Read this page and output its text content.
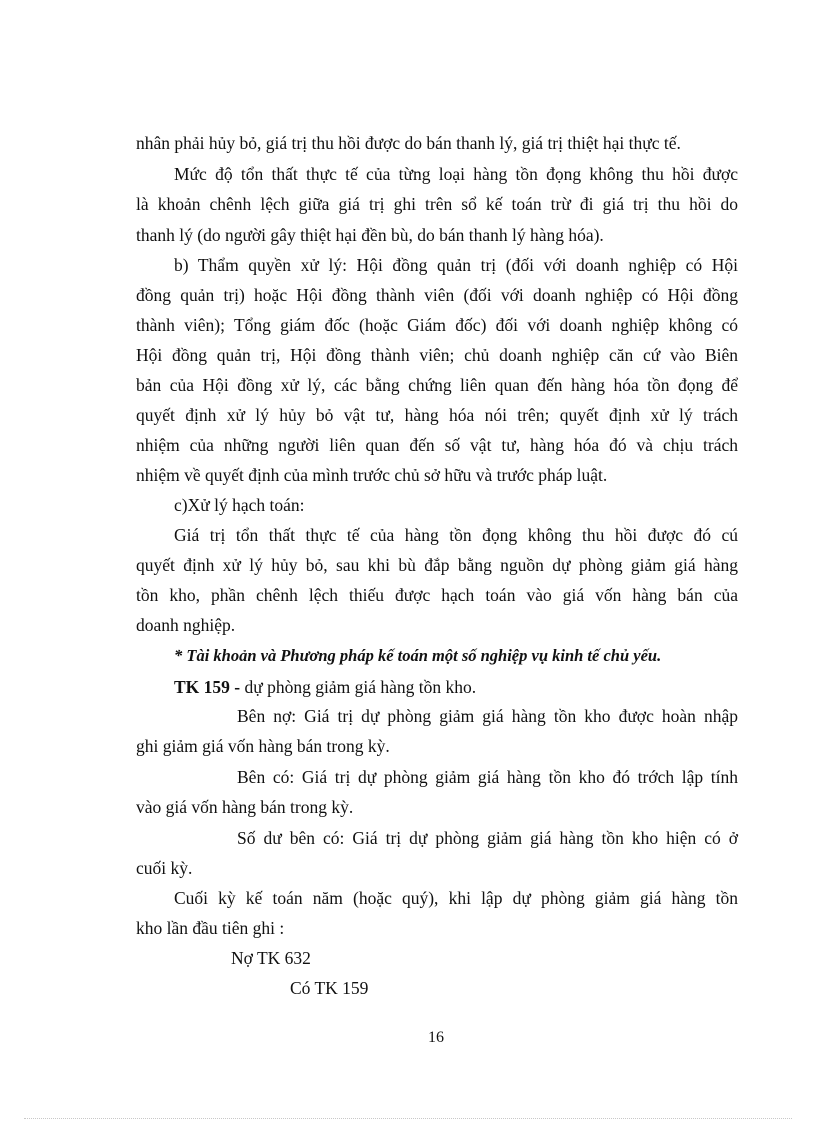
nhân phải hủy bỏ, giá trị thu hồi được do bán thanh lý, giá trị thiệt hại thực tế.
Mức độ tổn thất thực tế của từng loại hàng tồn đọng không thu hồi được
là khoản chênh lệch giữa giá trị ghi trên sổ kế toán trừ đi giá trị thu hồi do
thanh lý (do người gây thiệt hại đền bù, do bán thanh lý hàng hóa).
b) Thẩm quyền xử lý: Hội đồng quản trị (đối với doanh nghiệp có Hội
đồng quản trị) hoặc Hội đồng thành viên (đối với doanh nghiệp có Hội đồng
thành viên); Tổng giám đốc (hoặc Giám đốc) đối với doanh nghiệp không có
Hội đồng quản trị, Hội đồng thành viên; chủ doanh nghiệp căn cứ vào Biên
bản của Hội đồng xử lý, các bằng chứng liên quan đến hàng hóa tồn đọng để
quyết định xử lý hủy bỏ vật tư, hàng hóa nói trên; quyết định xử lý trách
nhiệm của những người liên quan đến số vật tư, hàng hóa đó và chịu trách
nhiệm về quyết định của mình trước chủ sở hữu và trước pháp luật.
c)Xử lý hạch toán:
Giá trị tổn thất thực tế của hàng tồn đọng không thu hồi được đó cú
quyết định xử lý hủy bỏ, sau khi bù đắp bằng nguồn dự phòng giảm giá hàng
tồn kho, phần chênh lệch thiếu được hạch toán vào giá vốn hàng bán của
doanh nghiệp.
* Tài khoản và Phương pháp kế toán một số nghiệp vụ kinh tế chủ yếu.
TK 159 - dự phòng giảm giá hàng tồn kho.
Bên nợ: Giá trị dự phòng giảm giá hàng tồn kho được hoàn nhập
ghi giảm giá vốn hàng bán trong kỳ.
Bên có: Giá trị dự phòng giảm giá hàng tồn kho đó trớch lập tính
vào giá vốn hàng bán trong kỳ.
Số dư bên có: Giá trị dự phòng giảm giá hàng tồn kho hiện có ở
cuối kỳ.
Cuối kỳ kế toán năm (hoặc quý), khi lập dự phòng giảm giá hàng tồn
kho lần đầu tiên ghi :
Nợ TK 632
Có TK 159
16
